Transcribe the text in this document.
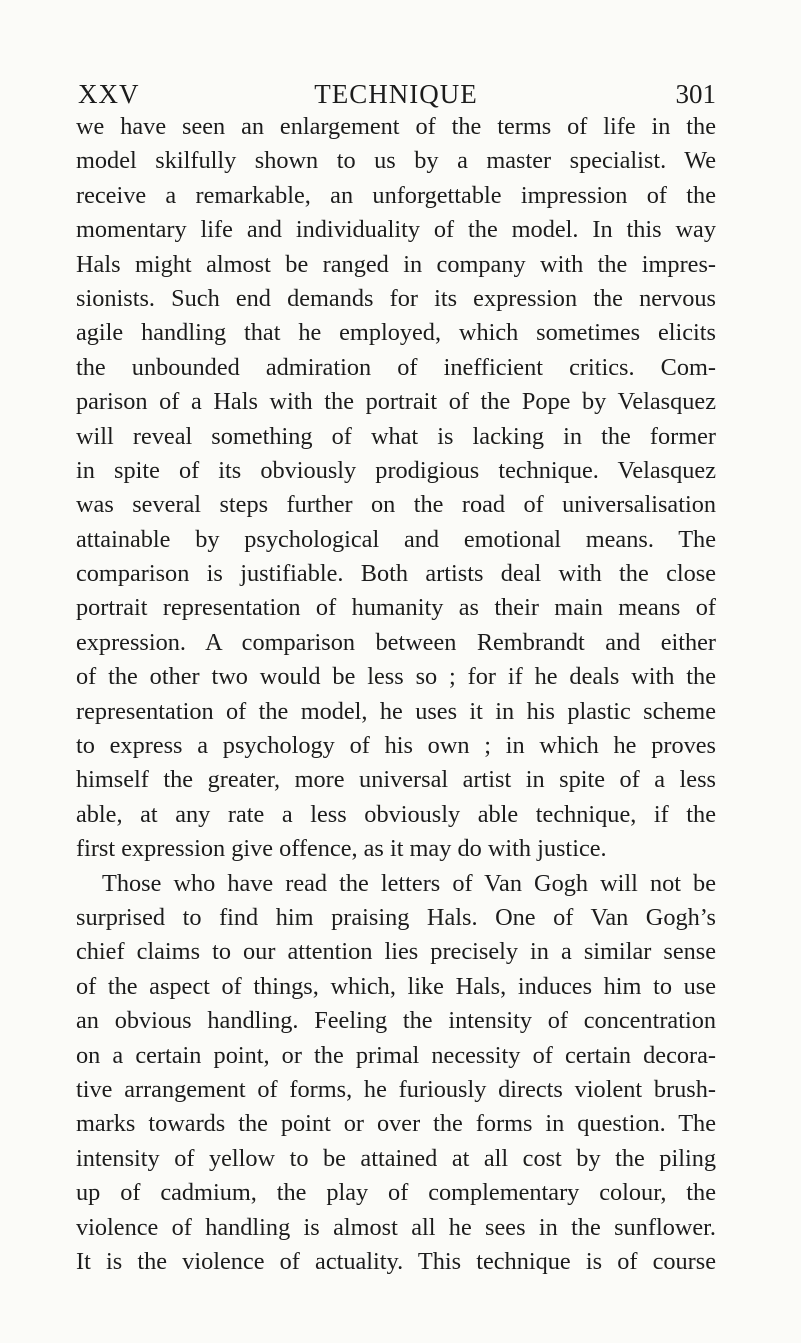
XXV	TECHNIQUE	301
we have seen an enlargement of the terms of life in the
model skilfully shown to us by a master specialist. We
receive a remarkable, an unforgettable impression of the
momentary life and individuality of the model. In this way
Hals might almost be ranged in company with the impres-
sionists. Such end demands for its expression the nervous
agile handling that he employed, which sometimes elicits
the unbounded admiration of inefficient critics. Com-
parison of a Hals with the portrait of the Pope by Velasquez
will reveal something of what is lacking in the former
in spite of its obviously prodigious technique. Velasquez
was several steps further on the road of universalisation
attainable by psychological and emotional means. The
comparison is justifiable. Both artists deal with the close
portrait representation of humanity as their main means of
expression. A comparison between Rembrandt and either
of the other two would be less so ; for if he deals with the
representation of the model, he uses it in his plastic scheme
to express a psychology of his own ; in which he proves
himself the greater, more universal artist in spite of a less
able, at any rate a less obviously able technique, if the
first expression give offence, as it may do with justice.
Those who have read the letters of Van Gogh will not be
surprised to find him praising Hals. One of Van Gogh’s
chief claims to our attention lies precisely in a similar sense
of the aspect of things, which, like Hals, induces him to use
an obvious handling. Feeling the intensity of concentration
on a certain point, or the primal necessity of certain decora-
tive arrangement of forms, he furiously directs violent brush-
marks towards the point or over the forms in question. The
intensity of yellow to be attained at all cost by the piling
up of cadmium, the play of complementary colour, the
violence of handling is almost all he sees in the sunflower.
It is the violence of actuality. This technique is of course
